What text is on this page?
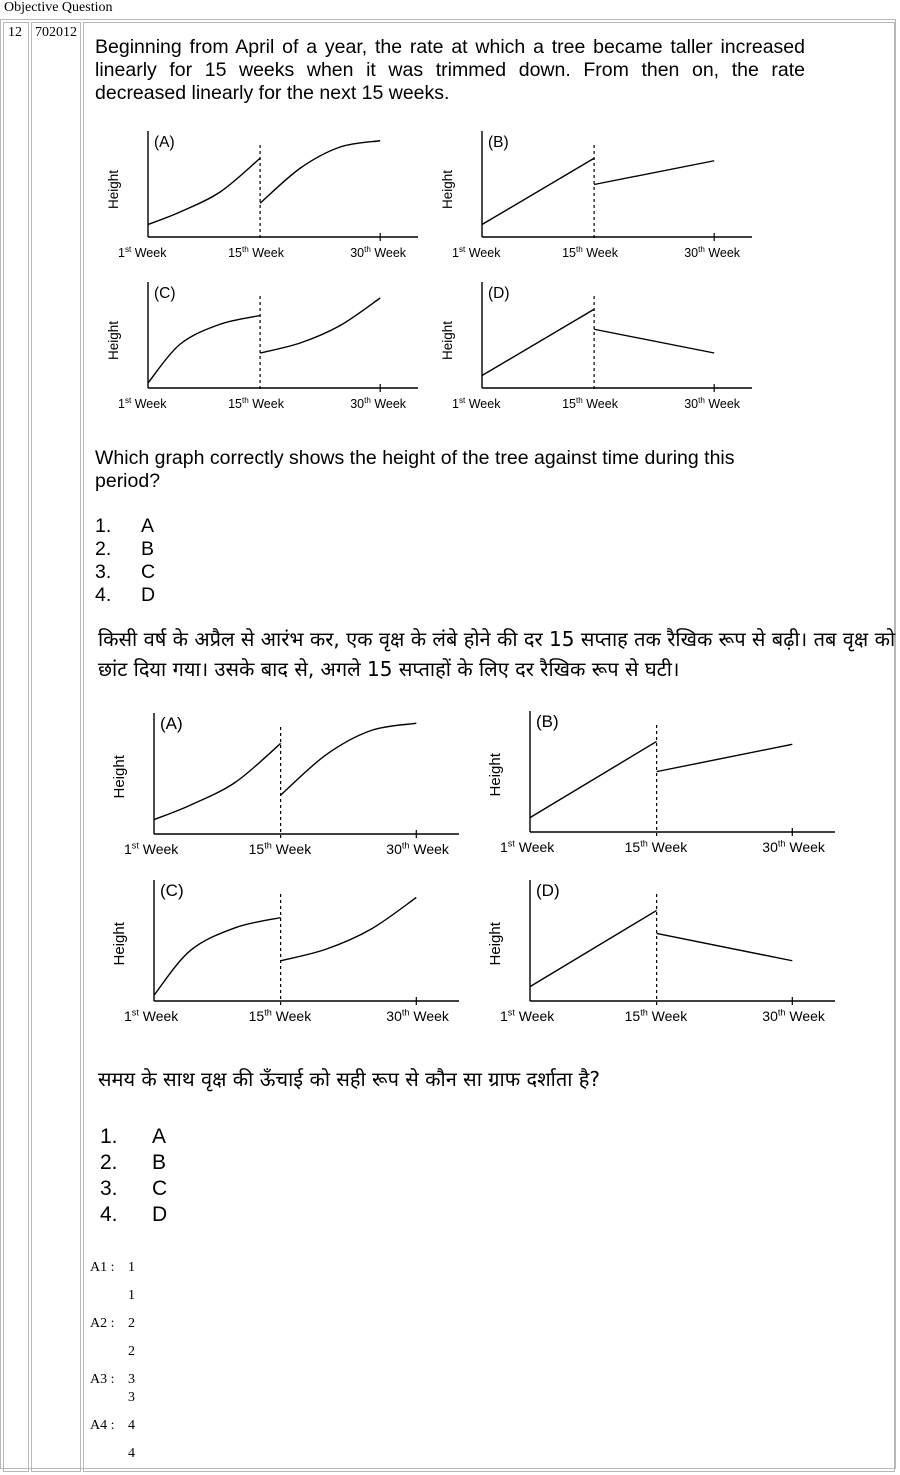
Objective Question
12 702012
Beginning from April of a year, the rate at which a tree became taller increased linearly for 15 weeks when it was trimmed down. From then on, the rate decreased linearly for the next 15 weeks.
(A)
Height
1st Week	15th Week	30th Week
(B)
Height
1st Week	15th Week	30th Week
(C)
Height
1st Week	15th Week	30th Week
(D)
Height
1st Week	15th Week	30th Week
Which graph correctly shows the height of the tree against time during this period?
1. A
2. B
3. C
4. D
किसी वर्ष के अप्रैल से आरंभ कर, एक वृक्ष के लंबे होने की दर 15 सप्ताह तक रैखिक रूप से बढ़ी। तब वृक्ष को छांट दिया गया। उसके बाद से, अगले 15 सप्ताहों के लिए दर रैखिक रूप से घटी।
(A)
Height
1st Week	15th Week	30th Week
(B)
Height
1st Week	15th Week	30th Week
(C)
Height
1st Week	15th Week	30th Week
(D)
Height
1st Week	15th Week	30th Week
समय के साथ वृक्ष की ऊँचाई को सही रूप से कौन सा ग्राफ दर्शाता है?
1. A
2. B
3. C
4. D
A1 : 1
1
A2 : 2
2
A3 : 3
3
A4 : 4
4
